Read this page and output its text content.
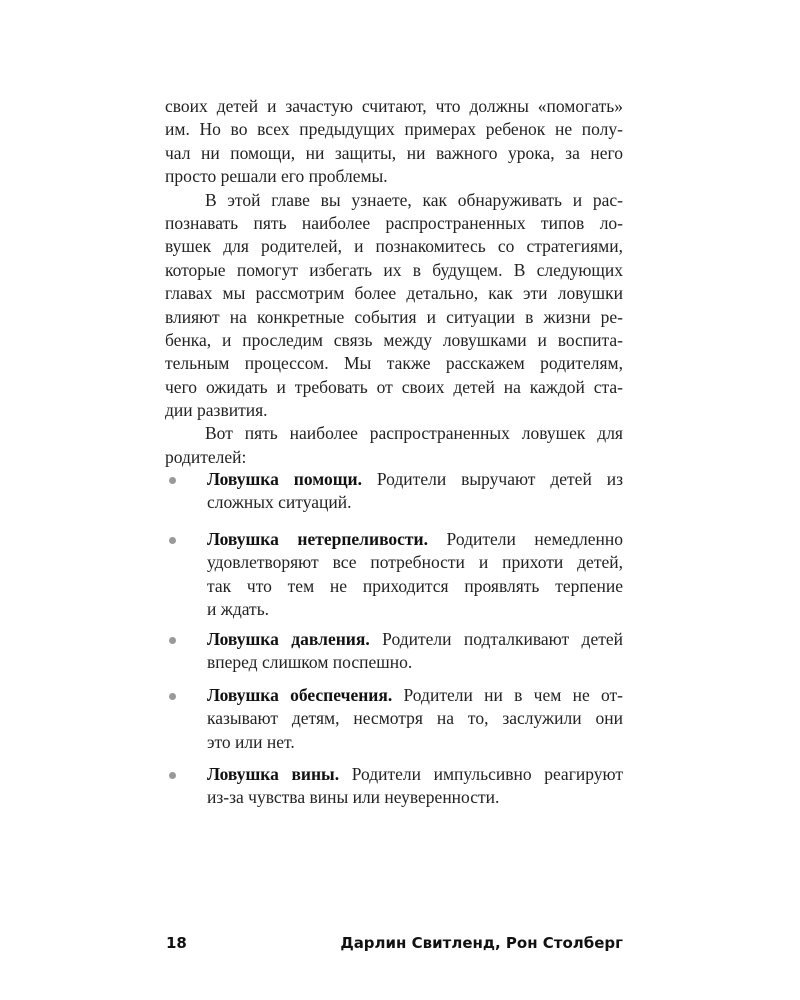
своих детей и зачастую считают, что должны «помогать»
им. Но во всех предыдущих примерах ребенок не полу-
чал ни помощи, ни защиты, ни важного урока, за него
просто решали его проблемы.
В этой главе вы узнаете, как обнаруживать и рас-
познавать пять наиболее распространенных типов ло-
вушек для родителей, и познакомитесь со стратегиями,
которые помогут избегать их в будущем. В следующих
главах мы рассмотрим более детально, как эти ловушки
влияют на конкретные события и ситуации в жизни ре-
бенка, и проследим связь между ловушками и воспита-
тельным процессом. Мы также расскажем родителям,
чего ожидать и требовать от своих детей на каждой ста-
дии развития.
Вот пять наиболее распространенных ловушек для
родителей:
Ловушка помощи. Родители выручают детей из
сложных ситуаций.
Ловушка нетерпеливости. Родители немедленно
удовлетворяют все потребности и прихоти детей,
так что тем не приходится проявлять терпение
и ждать.
Ловушка давления. Родители подталкивают детей
вперед слишком поспешно.
Ловушка обеспечения. Родители ни в чем не от-
казывают детям, несмотря на то, заслужили они
это или нет.
Ловушка вины. Родители импульсивно реагируют
из-за чувства вины или неуверенности.
18	Дарлин Свитленд, Рон Столберг
